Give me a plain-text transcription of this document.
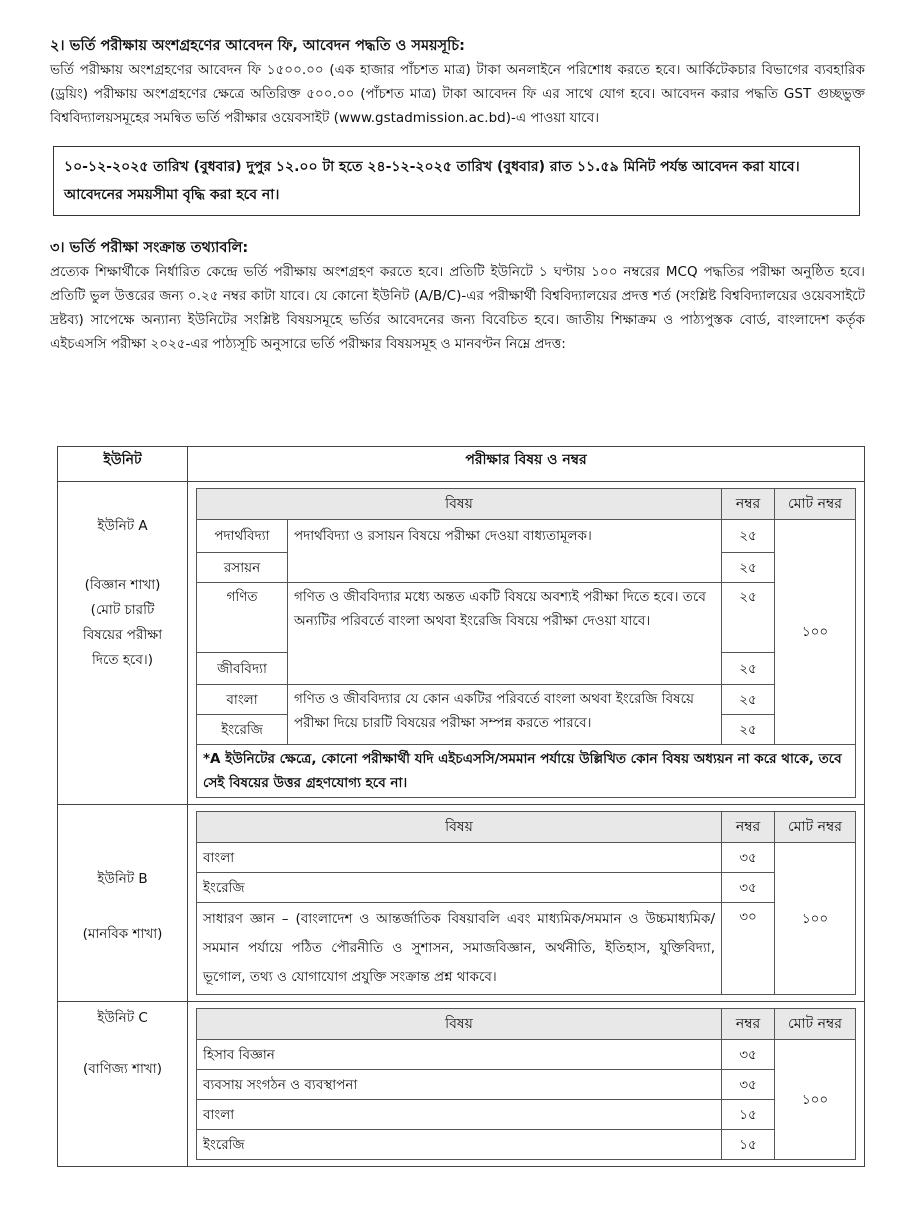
২। ভর্তি পরীক্ষায় অংশগ্রহণের আবেদন ফি, আবেদন পদ্ধতি ও সময়সূচি:

ভর্তি পরীক্ষায় অংশগ্রহণের আবেদন ফি ১৫০০.০০ (এক হাজার পাঁচশত মাত্র) টাকা অনলাইনে পরিশোধ করতে হবে। আর্কিটেকচার বিভাগের ব্যবহারিক (ড্রয়িং) পরীক্ষায় অংশগ্রহণের ক্ষেত্রে অতিরিক্ত ৫০০.০০ (পাঁচশত মাত্র) টাকা আবেদন ফি এর সাথে যোগ হবে। আবেদন করার পদ্ধতি GST গুচ্ছভুক্ত বিশ্ববিদ্যালয়সমূহের সমন্বিত ভর্তি পরীক্ষার ওয়েবসাইট (www.gstadmission.ac.bd)-এ পাওয়া যাবে।

১০-১২-২০২৫ তারিখ (বুধবার) দুপুর ১২.০০ টা হতে ২৪-১২-২০২৫ তারিখ (বুধবার) রাত ১১.৫৯ মিনিট পর্যন্ত আবেদন করা যাবে। আবেদনের সময়সীমা বৃদ্ধি করা হবে না।

৩। ভর্তি পরীক্ষা সংক্রান্ত তথ্যাবলি:

প্রত্যেক শিক্ষার্থীকে নির্ধারিত কেন্দ্রে ভর্তি পরীক্ষায় অংশগ্রহণ করতে হবে। প্রতিটি ইউনিটে ১ ঘণ্টায় ১০০ নম্বরের MCQ পদ্ধতির পরীক্ষা অনুষ্ঠিত হবে। প্রতিটি ভুল উত্তরের জন্য ০.২৫ নম্বর কাটা যাবে। যে কোনো ইউনিট (A/B/C)-এর পরীক্ষার্থী বিশ্ববিদ্যালয়ের প্রদত্ত শর্ত (সংশ্লিষ্ট বিশ্ববিদ্যালয়ের ওয়েবসাইটে দ্রষ্টব্য) সাপেক্ষে অন্যান্য ইউনিটের সংশ্লিষ্ট বিষয়সমূহে ভর্তির আবেদনের জন্য বিবেচিত হবে। জাতীয় শিক্ষাক্রম ও পাঠ্যপুস্তক বোর্ড, বাংলাদেশ কর্তৃক এইচএসসি পরীক্ষা ২০২৫-এর পাঠ্যসূচি অনুসারে ভর্তি পরীক্ষার বিষয়সমূহ ও মানবণ্টন নিম্নে প্রদত্ত:

ইউনিট	পরীক্ষার বিষয় ও নম্বর

ইউনিট A
(বিজ্ঞান শাখা)
(মোট চারটি বিষয়ের পরীক্ষা দিতে হবে।)

বিষয়	নম্বর	মোট নম্বর
পদার্থবিদ্যা	পদার্থবিদ্যা ও রসায়ন বিষয়ে পরীক্ষা দেওয়া বাধ্যতামূলক।	২৫	১০০
রসায়ন	২৫
গণিত	গণিত ও জীববিদ্যার মধ্যে অন্তত একটি বিষয়ে অবশ্যই পরীক্ষা দিতে হবে। তবে অন্যটির পরিবর্তে বাংলা অথবা ইংরেজি বিষয়ে পরীক্ষা দেওয়া যাবে।	২৫
জীববিদ্যা	২৫
বাংলা	গণিত ও জীববিদ্যার যে কোন একটির পরিবর্তে বাংলা অথবা ইংরেজি বিষয়ে পরীক্ষা দিয়ে চারটি বিষয়ের পরীক্ষা সম্পন্ন করতে পারবে।	২৫
ইংরেজি	২৫
*A ইউনিটের ক্ষেত্রে, কোনো পরীক্ষার্থী যদি এইচএসসি/সমমান পর্যায়ে উল্লিখিত কোন বিষয় অধ্যয়ন না করে থাকে, তবে সেই বিষয়ের উত্তর গ্রহণযোগ্য হবে না।

ইউনিট B
(মানবিক শাখা)

বিষয়	নম্বর	মোট নম্বর
বাংলা	৩৫	১০০
ইংরেজি	৩৫
সাধারণ জ্ঞান – (বাংলাদেশ ও আন্তর্জাতিক বিষয়াবলি এবং মাধ্যমিক/সমমান ও উচ্চমাধ্যমিক/সমমান পর্যায়ে পঠিত পৌরনীতি ও সুশাসন, সমাজবিজ্ঞান, অর্থনীতি, ইতিহাস, যুক্তিবিদ্যা, ভূগোল, তথ্য ও যোগাযোগ প্রযুক্তি সংক্রান্ত প্রশ্ন থাকবে।	৩০

ইউনিট C
(বাণিজ্য শাখা)

বিষয়	নম্বর	মোট নম্বর
হিসাব বিজ্ঞান	৩৫	১০০
ব্যবসায় সংগঠন ও ব্যবস্থাপনা	৩৫
বাংলা	১৫
ইংরেজি	১৫
